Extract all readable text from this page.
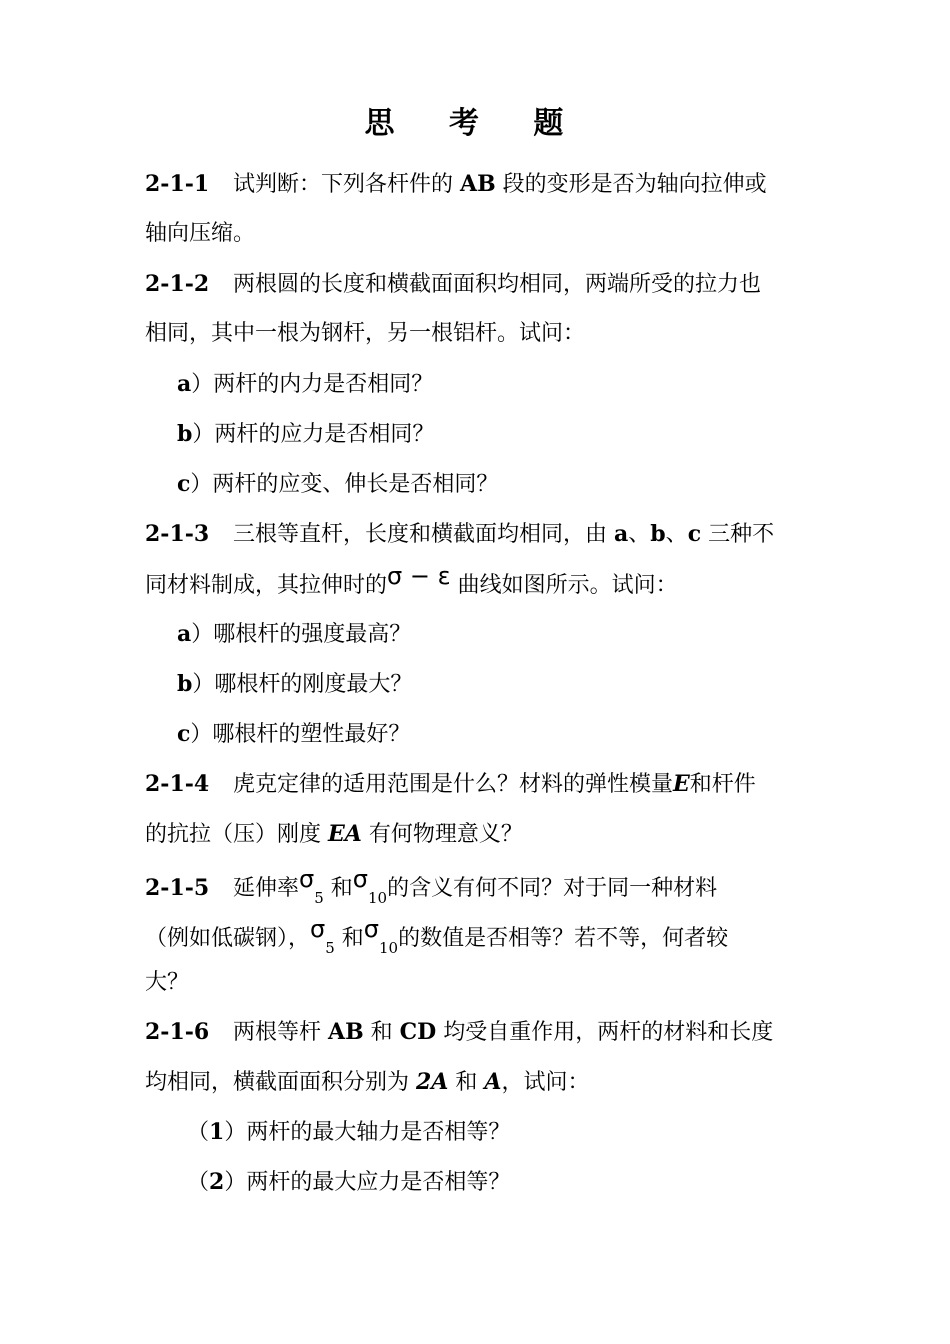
思 考 题
2-1-1 试判断：下列各杆件的 AB 段的变形是否为轴向拉伸或
轴向压缩。
2-1-2 两根圆的长度和横截面面积均相同，两端所受的拉力也
相同，其中一根为钢杆，另一根铝杆。试问：
a）两杆的内力是否相同？
b）两杆的应力是否相同？
c）两杆的应变、伸长是否相同？
2-1-3 三根等直杆，长度和横截面均相同，由 a、b、c 三种不
同材料制成，其拉伸时的σ − ε 曲线如图所示。试问：
a）哪根杆的强度最高？
b）哪根杆的刚度最大？
c）哪根杆的塑性最好？
2-1-4 虎克定律的适用范围是什么？材料的弹性模量E和杆件
的抗拉（压）刚度 EA 有何物理意义？
2-1-5 延伸率$\sigma_5$ 和$\sigma_{10}$的含义有何不同？对于同一种材料
（例如低碳钢），$\sigma_5$ 和$\sigma_{10}$的数值是否相等？若不等，何者较
大？
2-1-6 两根等杆 AB 和 CD 均受自重作用，两杆的材料和长度
均相同，横截面面积分别为 2A 和 A，试问：
（1）两杆的最大轴力是否相等？
（2）两杆的最大应力是否相等？
